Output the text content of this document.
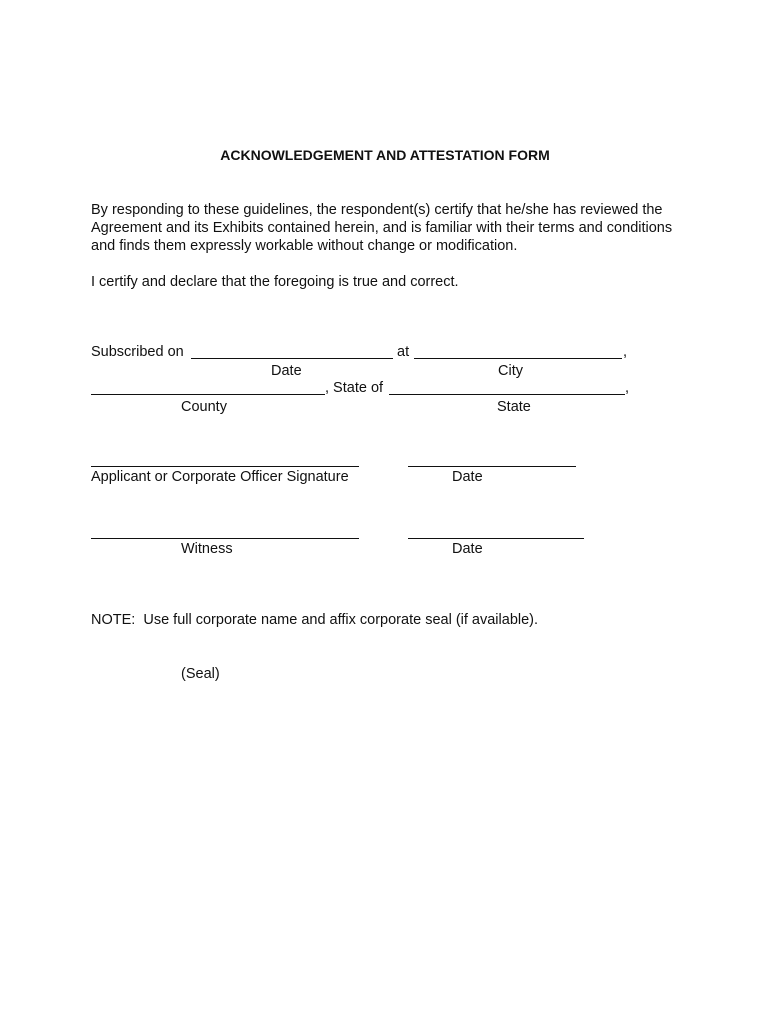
ACKNOWLEDGEMENT AND ATTESTATION FORM
By responding to these guidelines, the respondent(s) certify that he/she has reviewed the Agreement and its Exhibits contained herein, and is familiar with their terms and conditions and finds them expressly workable without change or modification.
I certify and declare that the foregoing is true and correct.
Subscribed on	at	,
Date	City
, State of	,
County	State
Applicant or Corporate Officer Signature	Date
Witness	Date
NOTE:  Use full corporate name and affix corporate seal (if available).
(Seal)
